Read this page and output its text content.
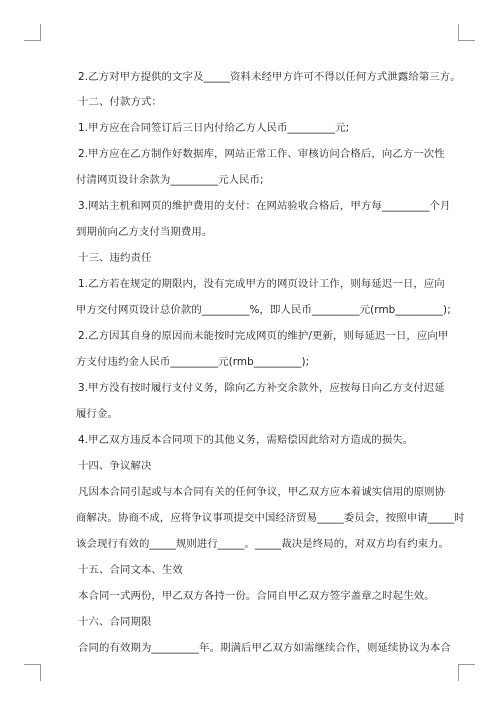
2.乙方对甲方提供的文字及_____资料未经甲方许可不得以任何方式泄露给第三方。
十二、付款方式：
1.甲方应在合同签订后三日内付给乙方人民币_________元;
2.甲方应在乙方制作好数据库，网站正常工作、审核访问合格后，向乙方一次性
付清网页设计余款为_________元人民币;
3.网站主机和网页的维护费用的支付：在网站验收合格后，甲方每_________个月
到期前向乙方支付当期费用。
十三、违约责任
1.乙方若在规定的期限内，没有完成甲方的网页设计工作，则每延迟一日，应向
甲方交付网页设计总价款的_________%，即人民币_________元(rmb_________);
2.乙方因其自身的原因而未能按时完成网页的维护/更新，则每延迟一日，应向甲
方支付违约金人民币_________元(rmb_________);
3.甲方没有按时履行支付义务，除向乙方补交余款外，应按每日向乙方支付迟延
履行金。
4.甲乙双方违反本合同项下的其他义务，需赔偿因此给对方造成的损失。
十四、争议解决
凡因本合同引起或与本合同有关的任何争议，甲乙双方应本着诚实信用的原则协
商解决。协商不成，应将争议事项提交中国经济贸易_____委员会，按照申请_____时
该会现行有效的_____规则进行_____。_____裁决是终局的，对双方均有约束力。
十五、合同文本、生效
本合同一式两份，甲乙双方各持一份。合同自甲乙双方签字盖章之时起生效。
十六、合同期限
合同的有效期为_________年。期满后甲乙双方如需继续合作，则延续协议为本合
